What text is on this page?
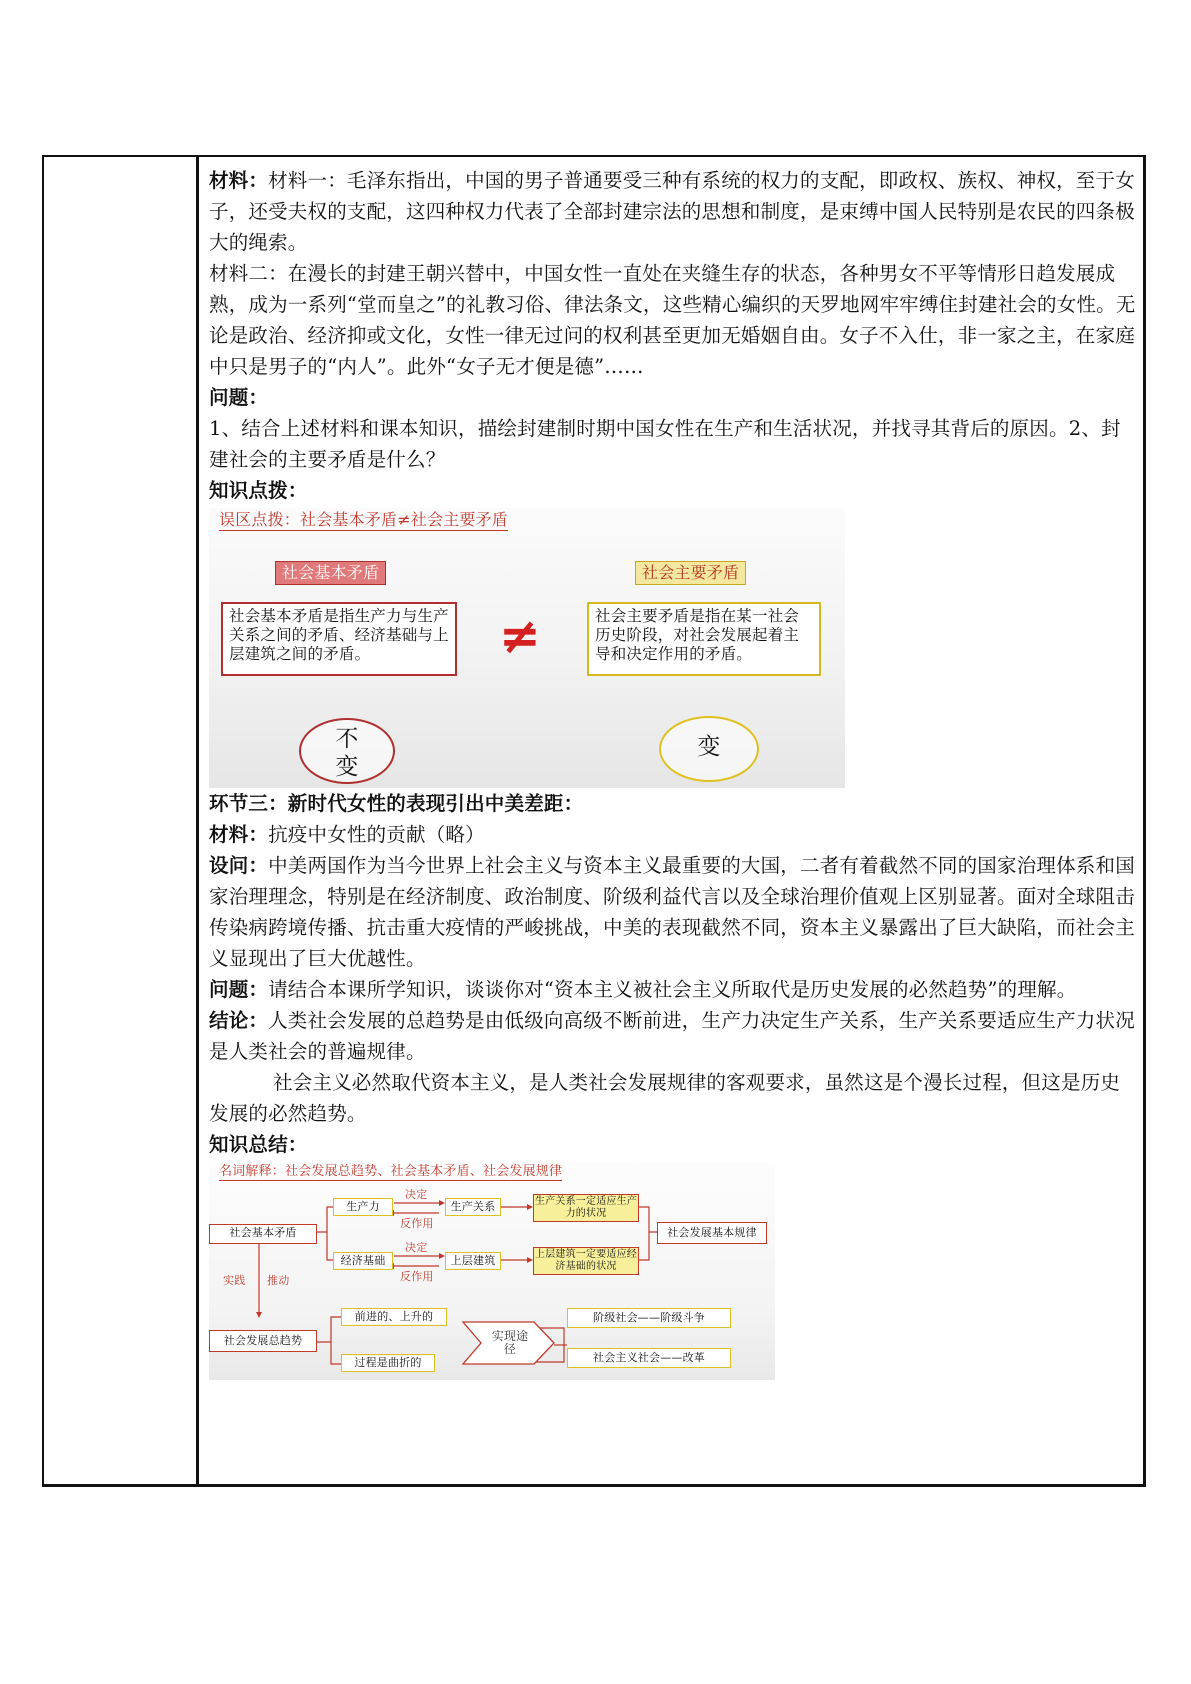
材料：材料一：毛泽东指出，中国的男子普通要受三种有系统的权力的支配，即政权、族权、神权，至于女子，还受夫权的支配，这四种权力代表了全部封建宗法的思想和制度，是束缚中国人民特别是农民的四条极大的绳索。

材料二：在漫长的封建王朝兴替中，中国女性一直处在夹缝生存的状态，各种男女不平等情形日趋发展成熟，成为一系列“堂而皇之”的礼教习俗、律法条文，这些精心编织的天罗地网牢牢缚住封建社会的女性。无论是政治、经济抑或文化，女性一律无过问的权利甚至更加无婚姻自由。女子不入仕，非一家之主，在家庭中只是男子的“内人”。此外“女子无才便是德”……

问题：

1、结合上述材料和课本知识，描绘封建制时期中国女性在生产和生活状况，并找寻其背后的原因。2、封建社会的主要矛盾是什么？

知识点拨：

误区点拨：社会基本矛盾≠社会主要矛盾
社会基本矛盾	社会主要矛盾
社会基本矛盾是指生产力与生产关系之间的矛盾、经济基础与上层建筑之间的矛盾。	≠	社会主要矛盾是指在某一社会历史阶段，对社会发展起着主导和决定作用的矛盾。
不
变
变

环节三：新时代女性的表现引出中美差距：

材料：抗疫中女性的贡献（略）

设问：中美两国作为当今世界上社会主义与资本主义最重要的大国，二者有着截然不同的国家治理体系和国家治理理念，特别是在经济制度、政治制度、阶级利益代言以及全球治理价值观上区别显著。面对全球阻击传染病跨境传播、抗击重大疫情的严峻挑战，中美的表现截然不同，资本主义暴露出了巨大缺陷，而社会主义显现出了巨大优越性。

问题：请结合本课所学知识，谈谈你对“资本主义被社会主义所取代是历史发展的必然趋势”的理解。

结论：人类社会发展的总趋势是由低级向高级不断前进，生产力决定生产关系，生产关系要适应生产力状况是人类社会的普遍规律。

社会主义必然取代资本主义，是人类社会发展规律的客观要求，虽然这是个漫长过程，但这是历史发展的必然趋势。

知识总结：

名词解释：社会发展总趋势、社会基本矛盾、社会发展规律
社会基本矛盾
生产力	生产关系
经济基础	上层建筑
决定
反作用
决定
反作用
生产关系一定适应生产力的状况
上层建筑一定要适应经济基础的状况
社会发展基本规律
实践 推动
社会发展总趋势
前进的、上升的
过程是曲折的
实现途径
阶级社会——阶级斗争
社会主义社会——改革
